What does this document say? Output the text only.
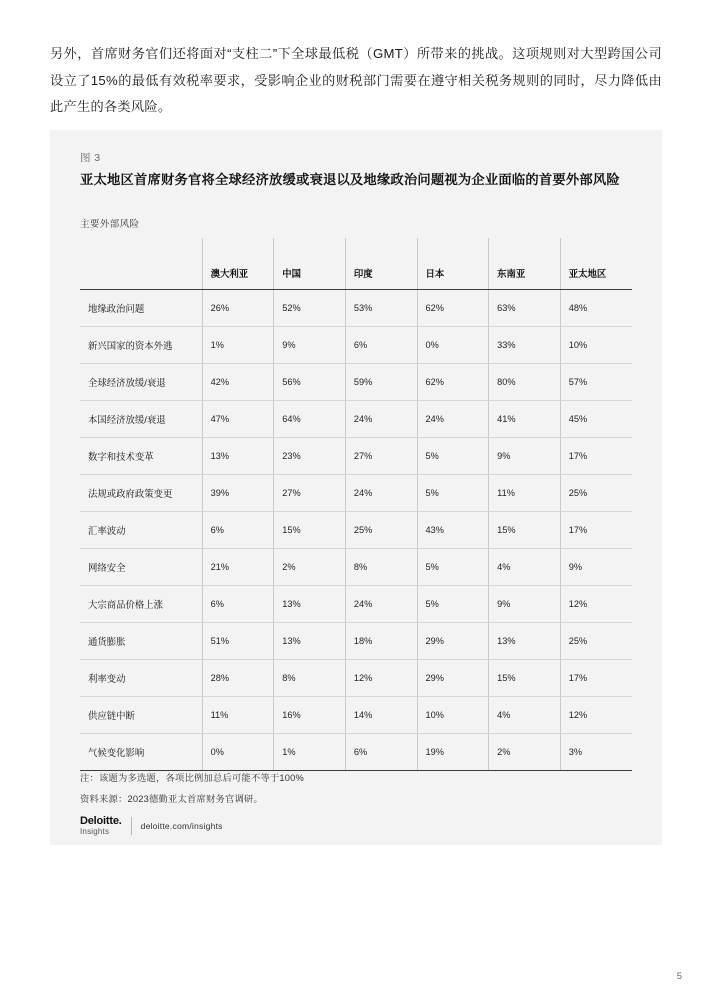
另外，首席财务官们还将面对“支柱二”下全球最低税（GMT）所带来的挑战。这项规则对大型跨国公司设立了15%的最低有效税率要求，受影响企业的财税部门需要在遵守相关税务规则的同时，尽力降低由此产生的各类风险。

图 3
亚太地区首席财务官将全球经济放缓或衰退以及地缘政治问题视为企业面临的首要外部风险
主要外部风险
	澳大利亚	中国	印度	日本	东南亚	亚太地区
地缘政治问题	26%	52%	53%	62%	63%	48%
新兴国家的资本外逃	1%	9%	6%	0%	33%	10%
全球经济放缓/衰退	42%	56%	59%	62%	80%	57%
本国经济放缓/衰退	47%	64%	24%	24%	41%	45%
数字和技术变革	13%	23%	27%	5%	9%	17%
法规或政府政策变更	39%	27%	24%	5%	11%	25%
汇率波动	6%	15%	25%	43%	15%	17%
网络安全	21%	2%	8%	5%	4%	9%
大宗商品价格上涨	6%	13%	24%	5%	9%	12%
通货膨胀	51%	13%	18%	29%	13%	25%
利率变动	28%	8%	12%	29%	15%	17%
供应链中断	11%	16%	14%	10%	4%	12%
气候变化影响	0%	1%	6%	19%	2%	3%
注：该题为多选题，各项比例加总后可能不等于100%
资料来源：2023德勤亚太首席财务官调研。
Deloitte.
Insights
deloitte.com/insights
5
